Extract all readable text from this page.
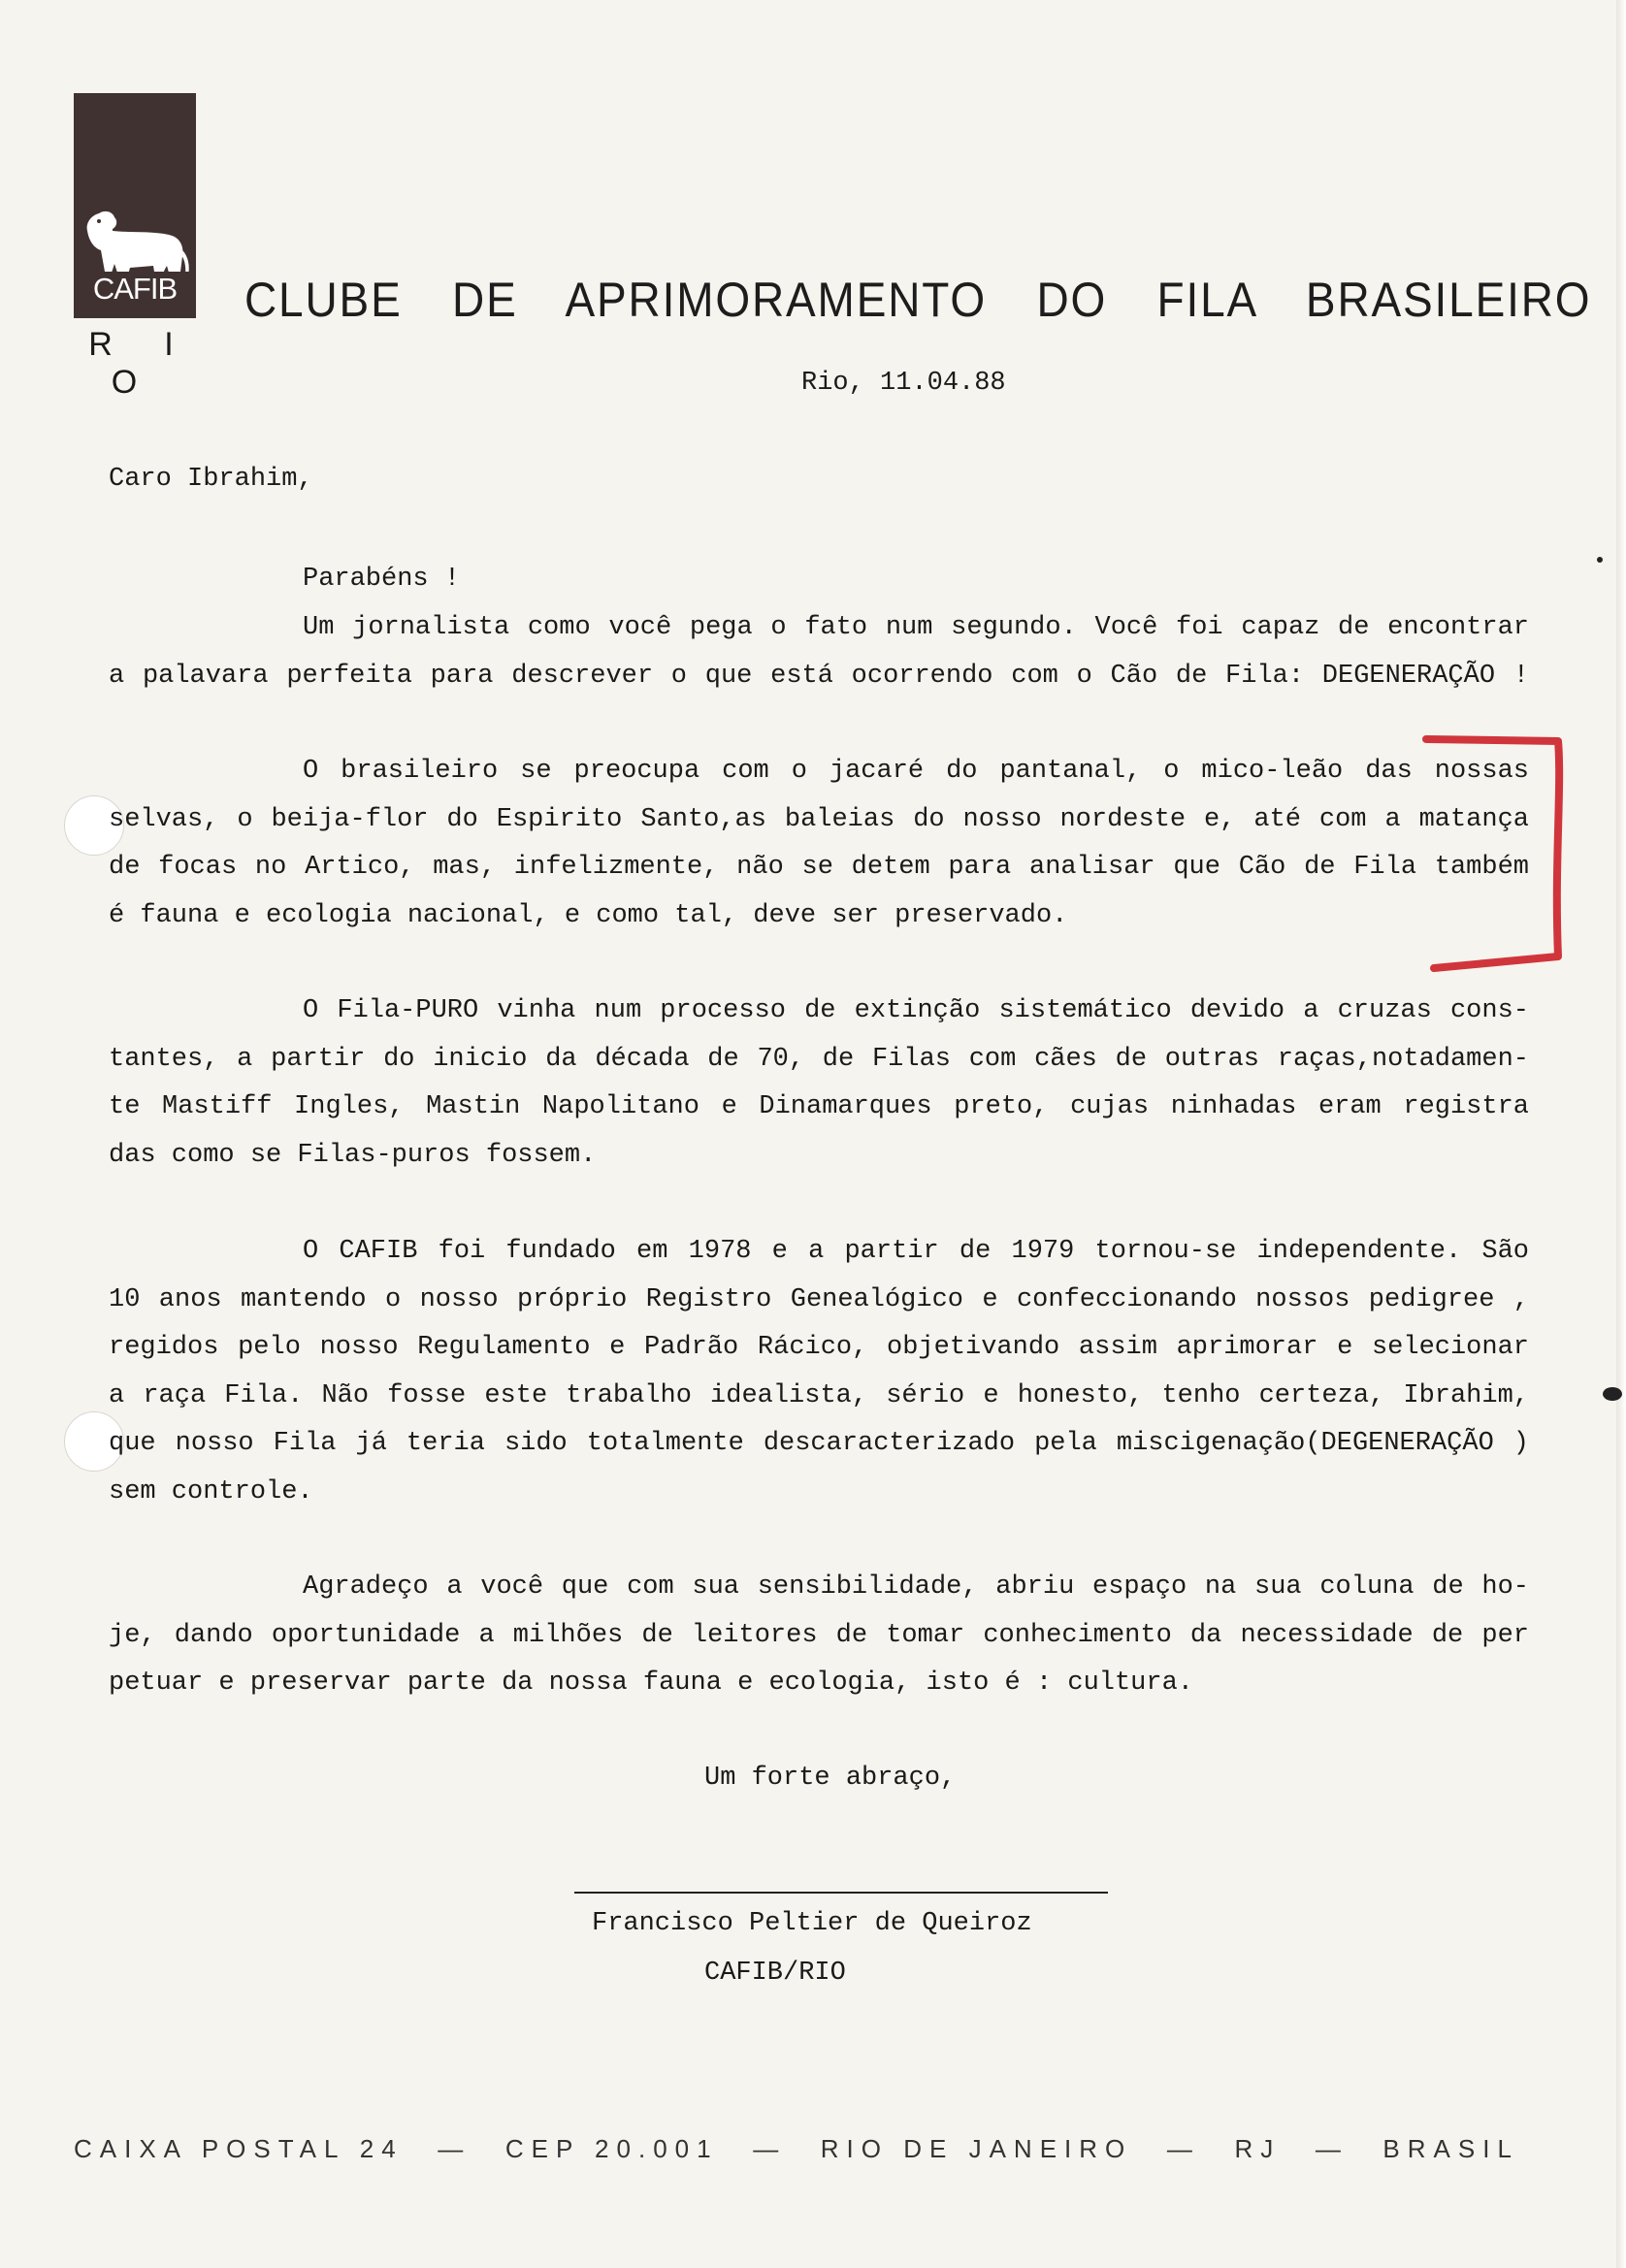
CAFIB
R I O
CLUBE DE APRIMORAMENTO DO FILA BRASILEIRO
Rio, 11.04.88
Caro Ibrahim,
Parabéns !
Um jornalista como você pega o fato num segundo. Você foi capaz de encontrar
a palavara perfeita para descrever o que está ocorrendo com o Cão de Fila: DEGENERAÇÃO !
O brasileiro se preocupa com o jacaré do pantanal, o mico-leão das nossas
selvas, o beija-flor do Espirito Santo,as baleias do nosso nordeste e, até com a matança
de focas no Artico, mas, infelizmente, não se detem para analisar que Cão de Fila também
é fauna e ecologia nacional, e como tal, deve ser preservado.
O Fila-PURO vinha num processo de extinção sistemático devido a cruzas cons-
tantes, a partir do inicio da década de 70, de Filas com cães de outras raças,notadamen-
te Mastiff Ingles, Mastin Napolitano e Dinamarques preto, cujas ninhadas eram registra
das como se Filas-puros fossem.
O CAFIB foi fundado em 1978 e a partir de 1979 tornou-se independente. São
10 anos mantendo o nosso próprio Registro Genealógico e confeccionando nossos pedigree ,
regidos pelo nosso Regulamento e Padrão Rácico, objetivando assim aprimorar e selecionar
a raça Fila. Não fosse este trabalho idealista, sério e honesto, tenho certeza, Ibrahim,
que nosso Fila já teria sido totalmente descaracterizado pela miscigenação(DEGENERAÇÃO )
sem controle.
Agradeço a você que com sua sensibilidade, abriu espaço na sua coluna de ho-
je, dando oportunidade a milhões de leitores de tomar conhecimento da necessidade de per
petuar e preservar parte da nossa fauna e ecologia, isto é : cultura.
Um forte abraço,
Francisco Peltier de Queiroz
CAFIB/RIO
CAIXA POSTAL 24 — CEP 20.001 — RIO DE JANEIRO — RJ — BRASIL
